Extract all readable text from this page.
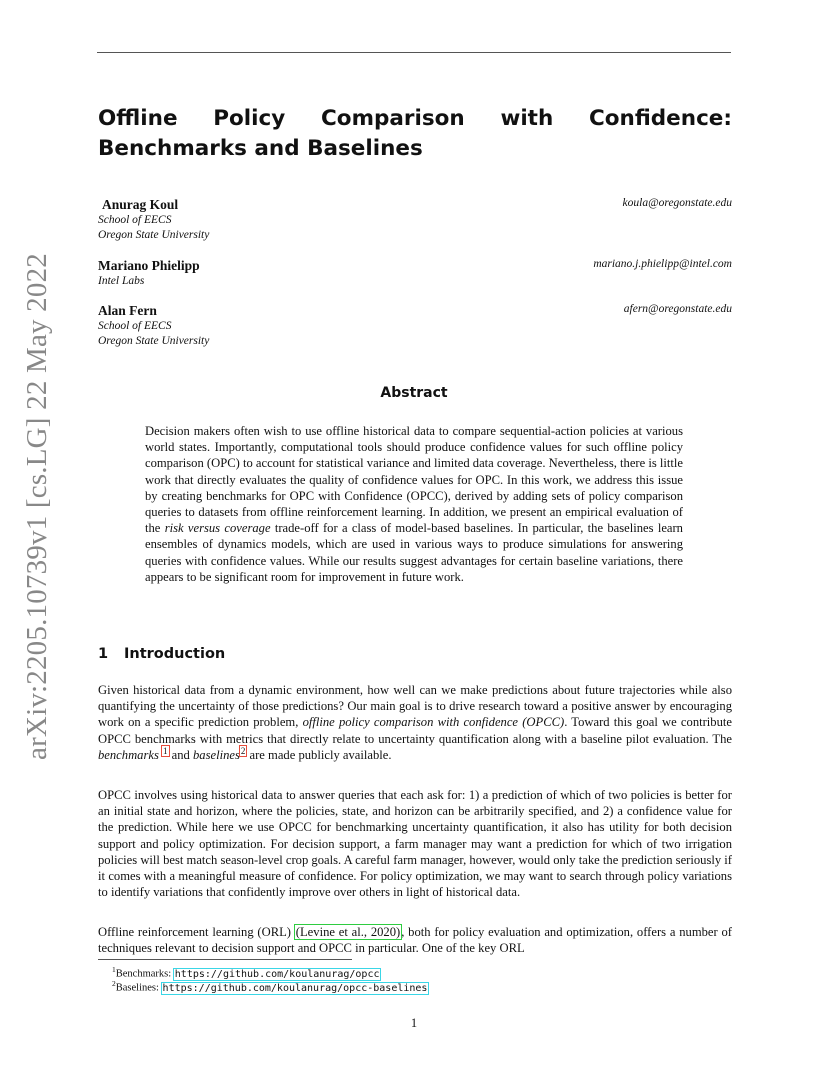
arXiv:2205.10739v1 [cs.LG] 22 May 2022
Offline Policy Comparison with Confidence: Benchmarks and Baselines
Anurag Koul	koula@oregonstate.edu
School of EECS
Oregon State University
Mariano Phielipp	mariano.j.phielipp@intel.com
Intel Labs
Alan Fern	afern@oregonstate.edu
School of EECS
Oregon State University
Abstract

Decision makers often wish to use offline historical data to compare sequential-action policies at various world states. Importantly, computational tools should produce confidence values for such offline policy comparison (OPC) to account for statistical variance and limited data coverage. Nevertheless, there is little work that directly evaluates the quality of confidence values for OPC. In this work, we address this issue by creating benchmarks for OPC with Confidence (OPCC), derived by adding sets of policy comparison queries to datasets from offline reinforcement learning. In addition, we present an empirical evaluation of the risk versus coverage trade-off for a class of model-based baselines. In particular, the baselines learn ensembles of dynamics models, which are used in various ways to produce simulations for answering queries with confidence values. While our results suggest advantages for certain baseline variations, there appears to be significant room for improvement in future work.

1 Introduction

Given historical data from a dynamic environment, how well can we make predictions about future trajectories while also quantifying the uncertainty of those predictions? Our main goal is to drive research toward a positive answer by encouraging work on a specific prediction problem, offline policy comparison with confidence (OPCC). Toward this goal we contribute OPCC benchmarks with metrics that directly relate to uncertainty quantification along with a baseline pilot evaluation. The benchmarks $^1$ and baselines$^2$ are made publicly available.

OPCC involves using historical data to answer queries that each ask for: 1) a prediction of which of two policies is better for an initial state and horizon, where the policies, state, and horizon can be arbitrarily specified, and 2) a confidence value for the prediction. While here we use OPCC for benchmarking uncertainty quantification, it also has utility for both decision support and policy optimization. For decision support, a farm manager may want a prediction for which of two irrigation policies will best match season-level crop goals. A careful farm manager, however, would only take the prediction seriously if it comes with a meaningful measure of confidence. For policy optimization, we may want to search through policy variations to identify variations that confidently improve over others in light of historical data.

Offline reinforcement learning (ORL) (Levine et al., 2020), both for policy evaluation and optimization, offers a number of techniques relevant to decision support and OPCC in particular. One of the key ORL

$^1$Benchmarks: https://github.com/koulanurag/opcc
$^2$Baselines: https://github.com/koulanurag/opcc-baselines
1
